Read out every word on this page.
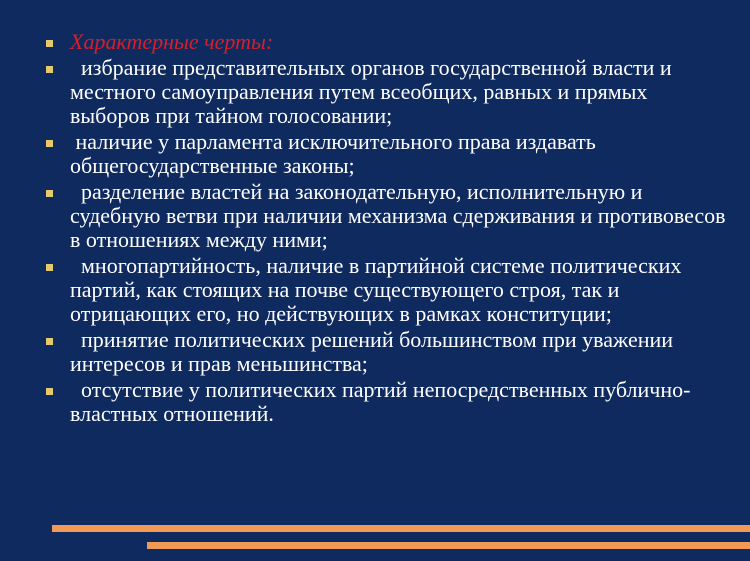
Характерные черты:
избрание представительных органов государственной власти и местного самоуправления путем всеобщих, равных и прямых выборов при тайном голосовании;
наличие у парламента исключительного права издавать общегосударственные законы;
разделение властей на законодательную, исполнительную и судебную ветви при наличии механизма сдерживания и противовесов в отношениях между ними;
многопартийность, наличие в партийной системе политических партий, как стоящих на почве существующего строя, так и отрицающих его, но действующих в рамках конституции;
принятие политических решений большинством при уважении интересов и прав меньшинства;
отсутствие у политических партий непосредственных публично-властных отношений.
